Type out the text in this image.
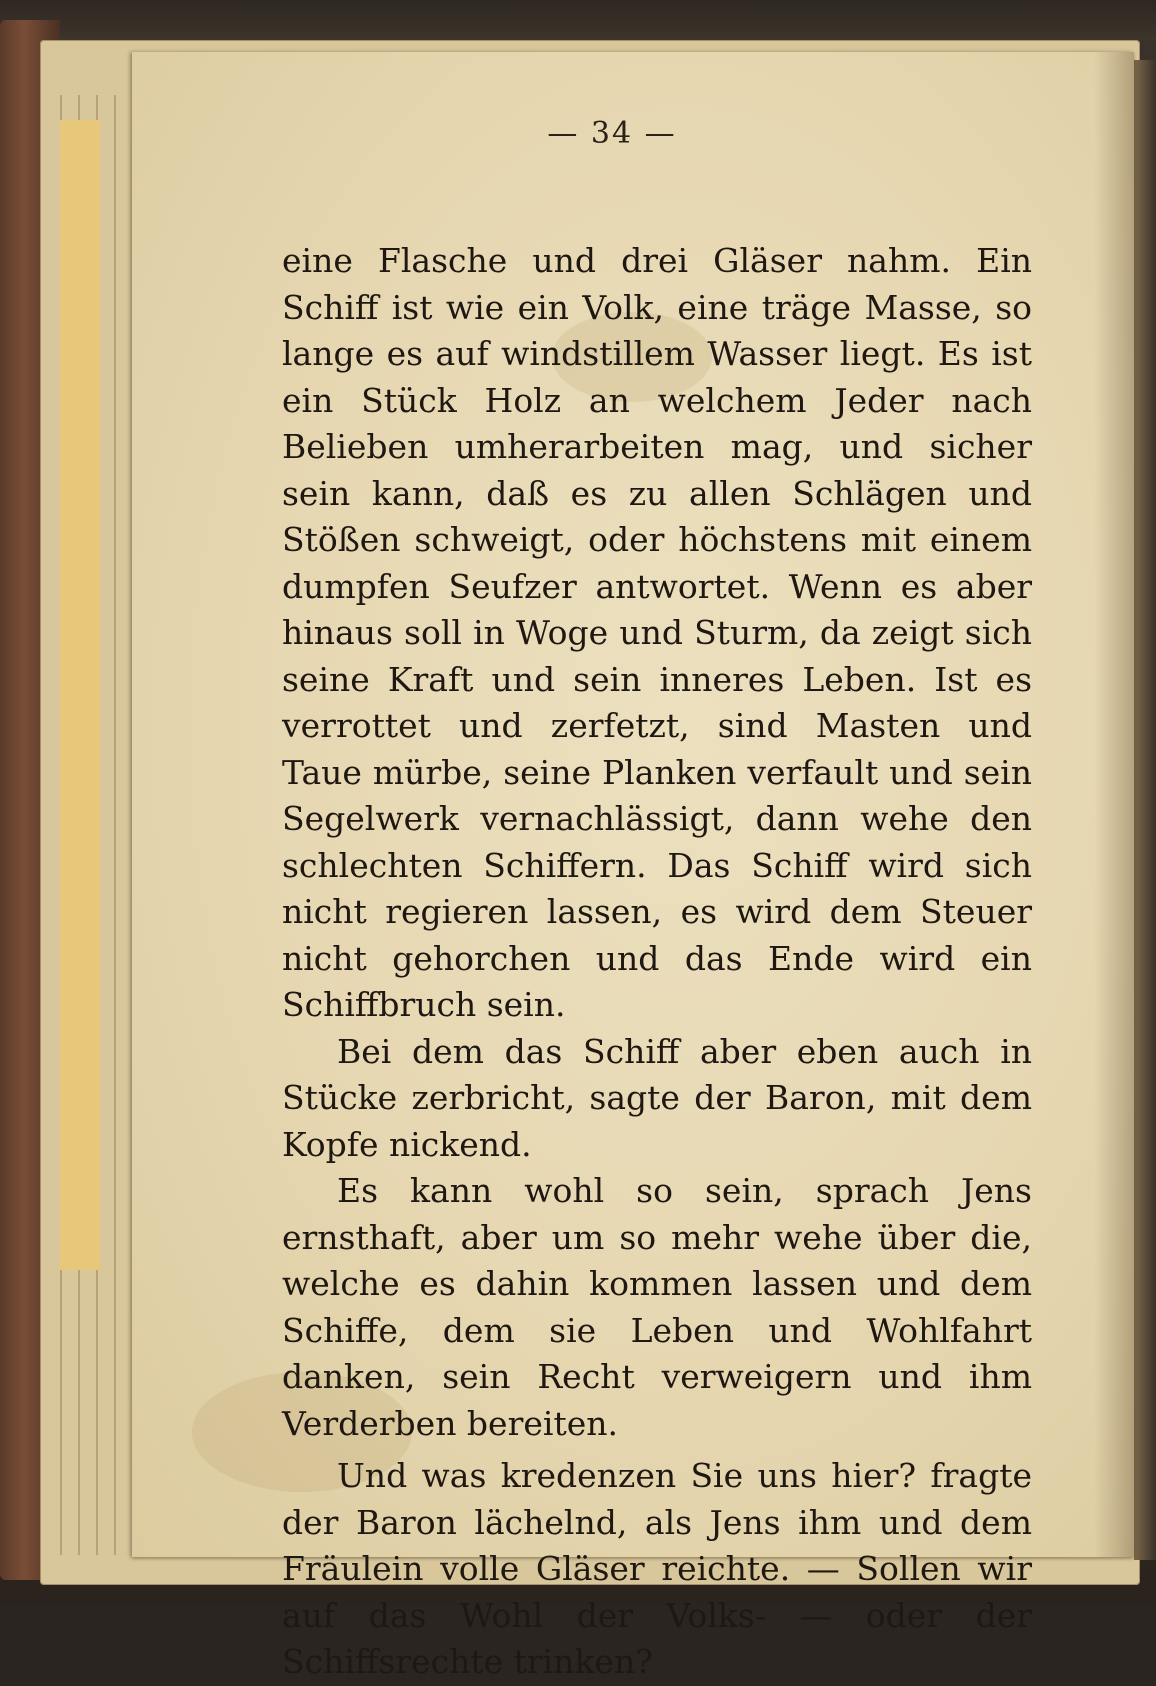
— 34 —

eine Flasche und drei Gläser nahm. Ein Schiff ist wie ein Volk, eine träge Masse, so lange es auf windstillem Wasser liegt. Es ist ein Stück Holz an welchem Jeder nach Belieben umherarbeiten mag, und sicher sein kann, daß es zu allen Schlägen und Stößen schweigt, oder höchstens mit einem dumpfen Seufzer antwortet. Wenn es aber hinaus soll in Woge und Sturm, da zeigt sich seine Kraft und sein inneres Leben. Ist es verrottet und zerfetzt, sind Masten und Taue mürbe, seine Planken verfault und sein Segelwerk vernachlässigt, dann wehe den schlechten Schiffern. Das Schiff wird sich nicht regieren lassen, es wird dem Steuer nicht gehorchen und das Ende wird ein Schiffbruch sein.

Bei dem das Schiff aber eben auch in Stücke zerbricht, sagte der Baron, mit dem Kopfe nickend.

Es kann wohl so sein, sprach Jens ernsthaft, aber um so mehr wehe über die, welche es dahin kommen lassen und dem Schiffe, dem sie Leben und Wohlfahrt danken, sein Recht verweigern und ihm Verderben bereiten.

Und was kredenzen Sie uns hier? fragte der Baron lächelnd, als Jens ihm und dem Fräulein volle Gläser reichte. — Sollen wir auf das Wohl der Volks- — oder der Schiffsrechte trinken?
